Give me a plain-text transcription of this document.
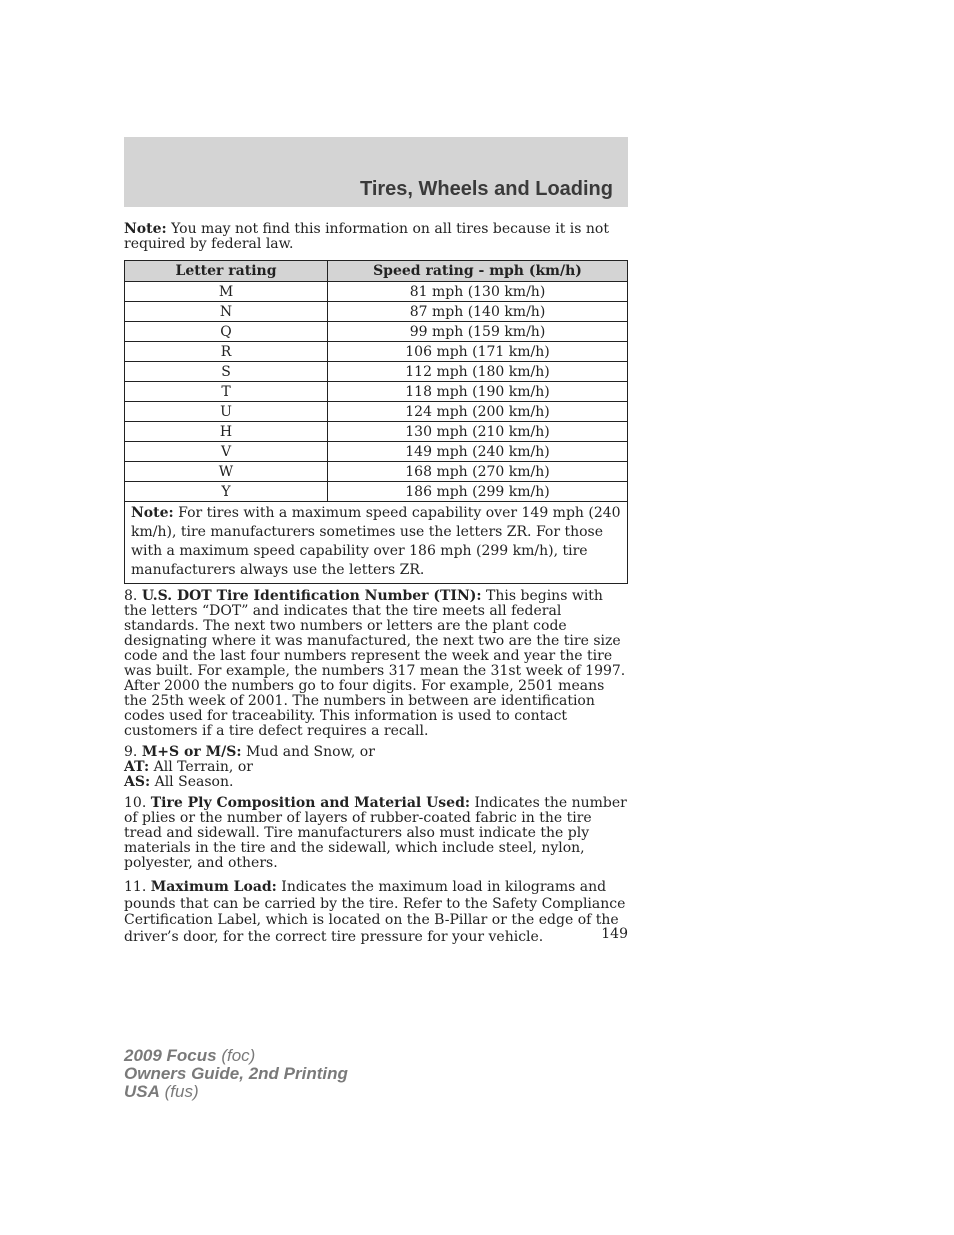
Tires, Wheels and Loading

Note: You may not find this information on all tires because it is not required by federal law.

Letter rating	Speed rating - mph (km/h)
M	81 mph (130 km/h)
N	87 mph (140 km/h)
Q	99 mph (159 km/h)
R	106 mph (171 km/h)
S	112 mph (180 km/h)
T	118 mph (190 km/h)
U	124 mph (200 km/h)
H	130 mph (210 km/h)
V	149 mph (240 km/h)
W	168 mph (270 km/h)
Y	186 mph (299 km/h)
Note: For tires with a maximum speed capability over 149 mph (240 km/h), tire manufacturers sometimes use the letters ZR. For those with a maximum speed capability over 186 mph (299 km/h), tire manufacturers always use the letters ZR.	

8. U.S. DOT Tire Identification Number (TIN): This begins with the letters “DOT” and indicates that the tire meets all federal standards. The next two numbers or letters are the plant code designating where it was manufactured, the next two are the tire size code and the last four numbers represent the week and year the tire was built. For example, the numbers 317 mean the 31st week of 1997. After 2000 the numbers go to four digits. For example, 2501 means the 25th week of 2001. The numbers in between are identification codes used for traceability. This information is used to contact customers if a tire defect requires a recall.

9. M+S or M/S: Mud and Snow, or
AT: All Terrain, or
AS: All Season.

10. Tire Ply Composition and Material Used: Indicates the number of plies or the number of layers of rubber-coated fabric in the tire tread and sidewall. Tire manufacturers also must indicate the ply materials in the tire and the sidewall, which include steel, nylon, polyester, and others.

11. Maximum Load: Indicates the maximum load in kilograms and pounds that can be carried by the tire. Refer to the Safety Compliance Certification Label, which is located on the B-Pillar or the edge of the driver’s door, for the correct tire pressure for your vehicle.	149
2009 Focus (foc)
Owners Guide, 2nd Printing
USA (fus)
